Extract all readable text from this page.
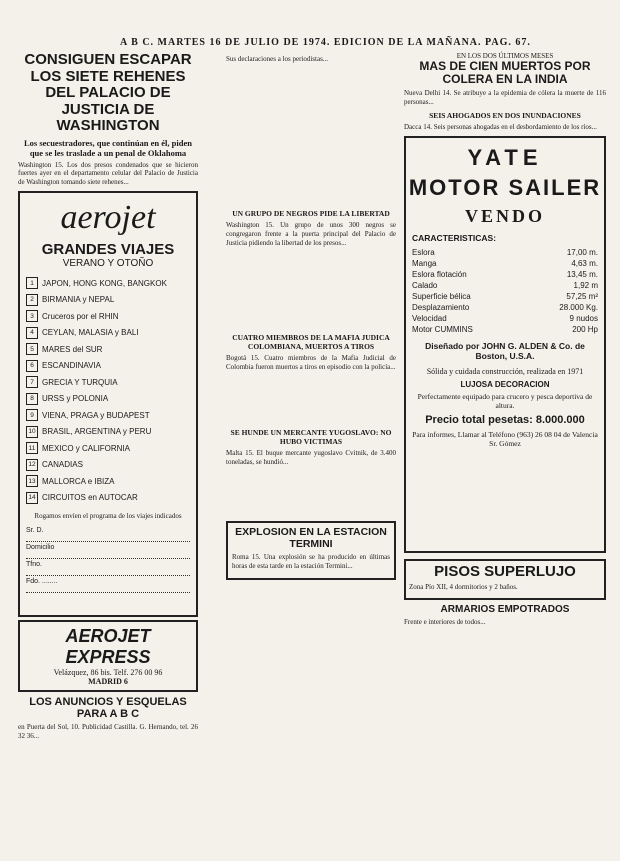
A B C. MARTES 16 DE JULIO DE 1974. EDICION DE LA MAÑANA. PAG. 67.
CONSIGUEN ESCAPAR LOS SIETE REHENES DEL PALACIO DE JUSTICIA DE WASHINGTON
Los secuestradores, que continúan en él, piden que se les traslade a un penal de Oklahoma
Washington 15. Los dos presos condenados que se hicieron fuertes ayer en el departamento celular del Palacio de Justicia de Washington tomando siete rehenes...
aerojet
GRANDES VIAJES
VERANO Y OTOÑO
1	JAPON, HONG KONG, BANGKOK
2	BIRMANIA y NEPAL
3	Cruceros por el RHIN
4	CEYLAN, MALASIA y BALI
5	MARES del SUR
6	ESCANDINAVIA
7	GRECIA Y TURQUIA
8	URSS y POLONIA
9	VIENA, PRAGA y BUDAPEST
10 BRASIL, ARGENTINA y PERU
11 MEXICO y CALIFORNIA
12 CANADIAS
13 MALLORCA e IBIZA
14 CIRCUITOS en AUTOCAR
Rogamos envíen el programa de los viajes indicados
Sr. D.
Domicilio
Tfno.
Fdo. ........
AEROJET
EXPRESS
Velázquez, 86 bis. Telf. 276 00 96
MADRID 6
LOS ANUNCIOS Y ESQUELAS PARA A B C
en Puerta del Sol, 10. Publicidad Castilla. G. Hernando, tel. 26 32 36...
Sus declaraciones a los periodistas...
UN GRUPO DE NEGROS PIDE LA LIBERTAD
Washington 15. Un grupo de unos 300 negros se congregaron frente a la puerta principal del Palacio de Justicia pidiendo la libertad de los presos...
CUATRO MIEMBROS DE LA MAFIA JUDICA COLOMBIANA, MUERTOS A TIROS
Bogotá 15. Cuatro miembros de la Mafia Judicial de Colombia fueron muertos a tiros en episodio con la policía...
SE HUNDE UN MERCANTE YUGOSLAVO: NO HUBO VICTIMAS
Malta 15. El buque mercante yugoslavo Cvitnik, de 3.400 toneladas, se hundió...
EXPLOSION EN LA ESTACION TERMINI
Roma 15. Una explosión se ha producido en últimas horas de esta tarde en la estación Termini...
EN LOS DOS ÚLTIMOS MESES
MAS DE CIEN MUERTOS POR COLERA EN LA INDIA
Nueva Delhi 14. Se atribuye a la epidemia de cólera la muerte de 116 personas...
SEIS AHOGADOS EN DOS INUNDACIONES
Dacca 14. Seis personas ahogadas en el desbordamiento de los ríos...
YATE
MOTOR SAILER
VENDO
CARACTERISTICAS:
Eslora	17,00 m.
Manga	4,63 m.
Eslora flotación	13,45 m.
Calado	1,92 m
Superficie bélica	57,25 m²
Desplazamiento	28.000 Kg.
Velocidad	9 nudos
Motor CUMMINS	200 Hp
Diseñado por JOHN G. ALDEN & Co. de Boston, U.S.A.
Sólida y cuidada construcción, realizada en 1971
LUJOSA DECORACION
Perfectamente equipado para crucero y pesca deportiva de altura.
Precio total pesetas: 8.000.000
Para informes, Llamar al Teléfono (963) 26 08 04 de Valencia Sr. Gómez
PISOS SUPERLUJO
Zona Pío XII, 4 dormitorios y 2 baños.
ARMARIOS EMPOTRADOS
Frente e interiores de todos...
